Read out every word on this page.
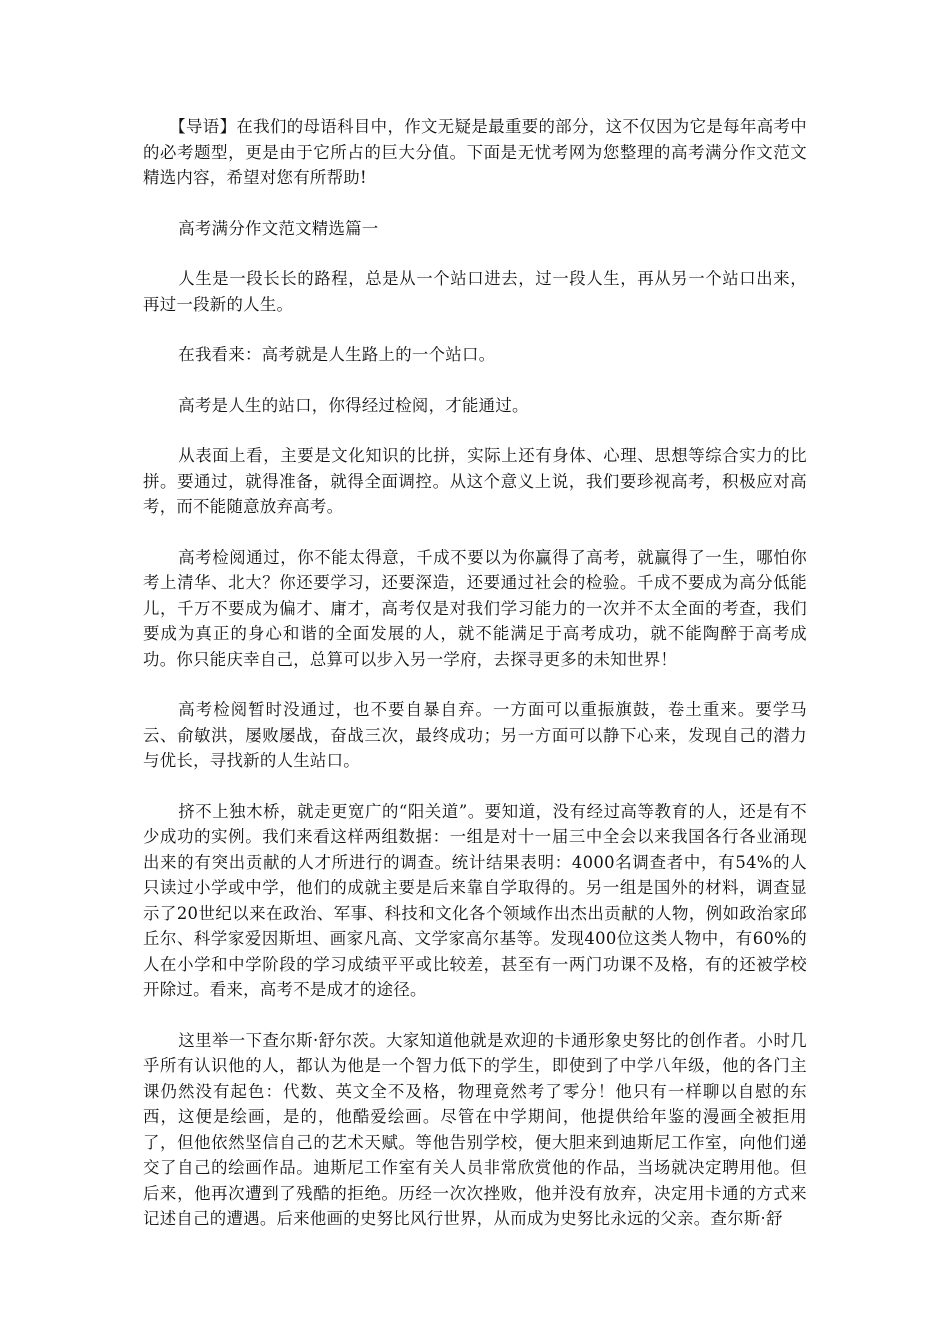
【导语】在我们的母语科目中，作文无疑是最重要的部分，这不仅因为它是每年高考中的必考题型，更是由于它所占的巨大分值。下面是无忧考网为您整理的高考满分作文范文精选内容，希望对您有所帮助!

高考满分作文范文精选篇一

人生是一段长长的路程，总是从一个站口进去，过一段人生，再从另一个站口出来，再过一段新的人生。

在我看来：高考就是人生路上的一个站口。

高考是人生的站口，你得经过检阅，才能通过。

从表面上看，主要是文化知识的比拼，实际上还有身体、心理、思想等综合实力的比拼。要通过，就得准备，就得全面调控。从这个意义上说，我们要珍视高考，积极应对高考，而不能随意放弃高考。

高考检阅通过，你不能太得意，千成不要以为你赢得了高考，就赢得了一生，哪怕你考上清华、北大？你还要学习，还要深造，还要通过社会的检验。千成不要成为高分低能儿，千万不要成为偏才、庸才，高考仅是对我们学习能力的一次并不太全面的考查，我们要成为真正的身心和谐的全面发展的人，就不能满足于高考成功，就不能陶醉于高考成功。你只能庆幸自己，总算可以步入另一学府，去探寻更多的未知世界！

高考检阅暂时没通过，也不要自暴自弃。一方面可以重振旗鼓，卷土重来。要学马云、俞敏洪，屡败屡战，奋战三次，最终成功；另一方面可以静下心来，发现自己的潜力与优长，寻找新的人生站口。

挤不上独木桥，就走更宽广的“阳关道”。要知道，没有经过高等教育的人，还是有不少成功的实例。我们来看这样两组数据：一组是对十一届三中全会以来我国各行各业涌现出来的有突出贡献的人才所进行的调查。统计结果表明：4000名调查者中，有54%的人只读过小学或中学，他们的成就主要是后来靠自学取得的。另一组是国外的材料，调查显示了20世纪以来在政治、军事、科技和文化各个领域作出杰出贡献的人物，例如政治家邱丘尔、科学家爱因斯坦、画家凡高、文学家高尔基等。发现400位这类人物中，有60%的人在小学和中学阶段的学习成绩平平或比较差，甚至有一两门功课不及格，有的还被学校开除过。看来，高考不是成才的途径。

这里举一下查尔斯·舒尔茨。大家知道他就是欢迎的卡通形象史努比的创作者。小时几乎所有认识他的人，都认为他是一个智力低下的学生，即使到了中学八年级，他的各门主课仍然没有起色：代数、英文全不及格，物理竟然考了零分！他只有一样聊以自慰的东西，这便是绘画，是的，他酷爱绘画。尽管在中学期间，他提供给年鉴的漫画全被拒用了，但他依然坚信自己的艺术天赋。等他告别学校，便大胆来到迪斯尼工作室，向他们递交了自己的绘画作品。迪斯尼工作室有关人员非常欣赏他的作品，当场就决定聘用他。但后来，他再次遭到了残酷的拒绝。历经一次次挫败，他并没有放弃，决定用卡通的方式来记述自己的遭遇。后来他画的史努比风行世界，从而成为史努比永远的父亲。查尔斯·舒
